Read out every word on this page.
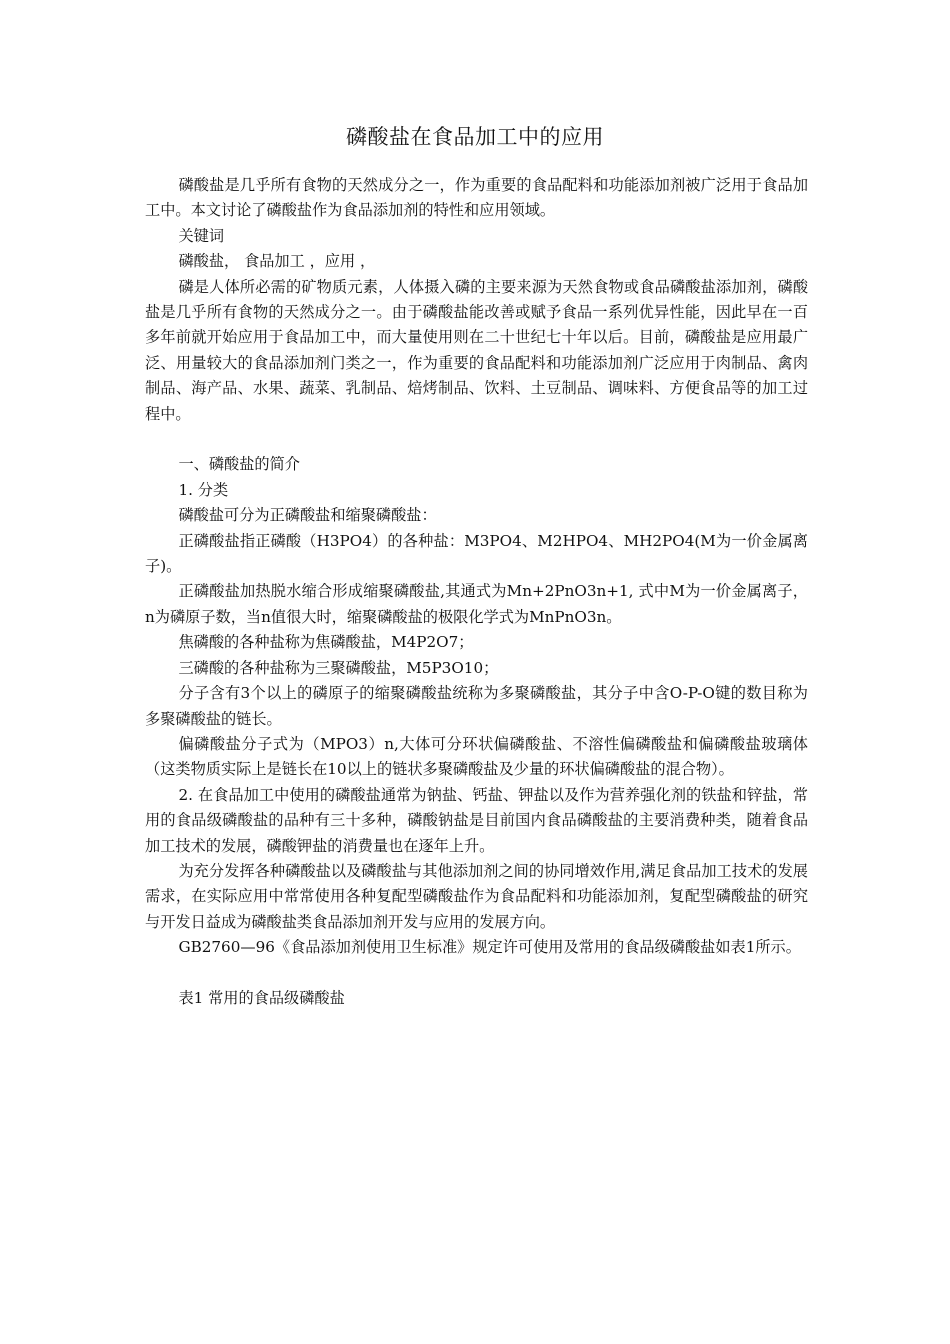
磷酸盐在食品加工中的应用

磷酸盐是几乎所有食物的天然成分之一，作为重要的食品配料和功能添加剂被广泛用于食品加工中。本文讨论了磷酸盐作为食品添加剂的特性和应用领域。

关键词

磷酸盐， 食品加工 ，应用 ，

磷是人体所必需的矿物质元素，人体摄入磷的主要来源为天然食物或食品磷酸盐添加剂，磷酸盐是几乎所有食物的天然成分之一。由于磷酸盐能改善或赋予食品一系列优异性能，因此早在一百多年前就开始应用于食品加工中，而大量使用则在二十世纪七十年以后。目前，磷酸盐是应用最广泛、用量较大的食品添加剂门类之一，作为重要的食品配料和功能添加剂广泛应用于肉制品、禽肉制品、海产品、水果、蔬菜、乳制品、焙烤制品、饮料、土豆制品、调味料、方便食品等的加工过程中。

一、磷酸盐的简介

1. 分类

磷酸盐可分为正磷酸盐和缩聚磷酸盐：

正磷酸盐指正磷酸（H3PO4）的各种盐：M3PO4、M2HPO4、MH2PO4(M为一价金属离子)。

正磷酸盐加热脱水缩合形成缩聚磷酸盐,其通式为Mn+2PnO3n+1, 式中M为一价金属离子，n为磷原子数，当n值很大时，缩聚磷酸盐的极限化学式为MnPnO3n。

焦磷酸的各种盐称为焦磷酸盐，M4P2O7；

三磷酸的各种盐称为三聚磷酸盐，M5P3O10；

分子含有3个以上的磷原子的缩聚磷酸盐统称为多聚磷酸盐，其分子中含O-P-O键的数目称为多聚磷酸盐的链长。

偏磷酸盐分子式为（MPO3）n,大体可分环状偏磷酸盐、不溶性偏磷酸盐和偏磷酸盐玻璃体（这类物质实际上是链长在10以上的链状多聚磷酸盐及少量的环状偏磷酸盐的混合物）。

2. 在食品加工中使用的磷酸盐通常为钠盐、钙盐、钾盐以及作为营养强化剂的铁盐和锌盐，常用的食品级磷酸盐的品种有三十多种，磷酸钠盐是目前国内食品磷酸盐的主要消费种类，随着食品加工技术的发展，磷酸钾盐的消费量也在逐年上升。

为充分发挥各种磷酸盐以及磷酸盐与其他添加剂之间的协同增效作用,满足食品加工技术的发展需求，在实际应用中常常使用各种复配型磷酸盐作为食品配料和功能添加剂，复配型磷酸盐的研究与开发日益成为磷酸盐类食品添加剂开发与应用的发展方向。

GB2760—96《食品添加剂使用卫生标准》规定许可使用及常用的食品级磷酸盐如表1所示。

表1 常用的食品级磷酸盐
